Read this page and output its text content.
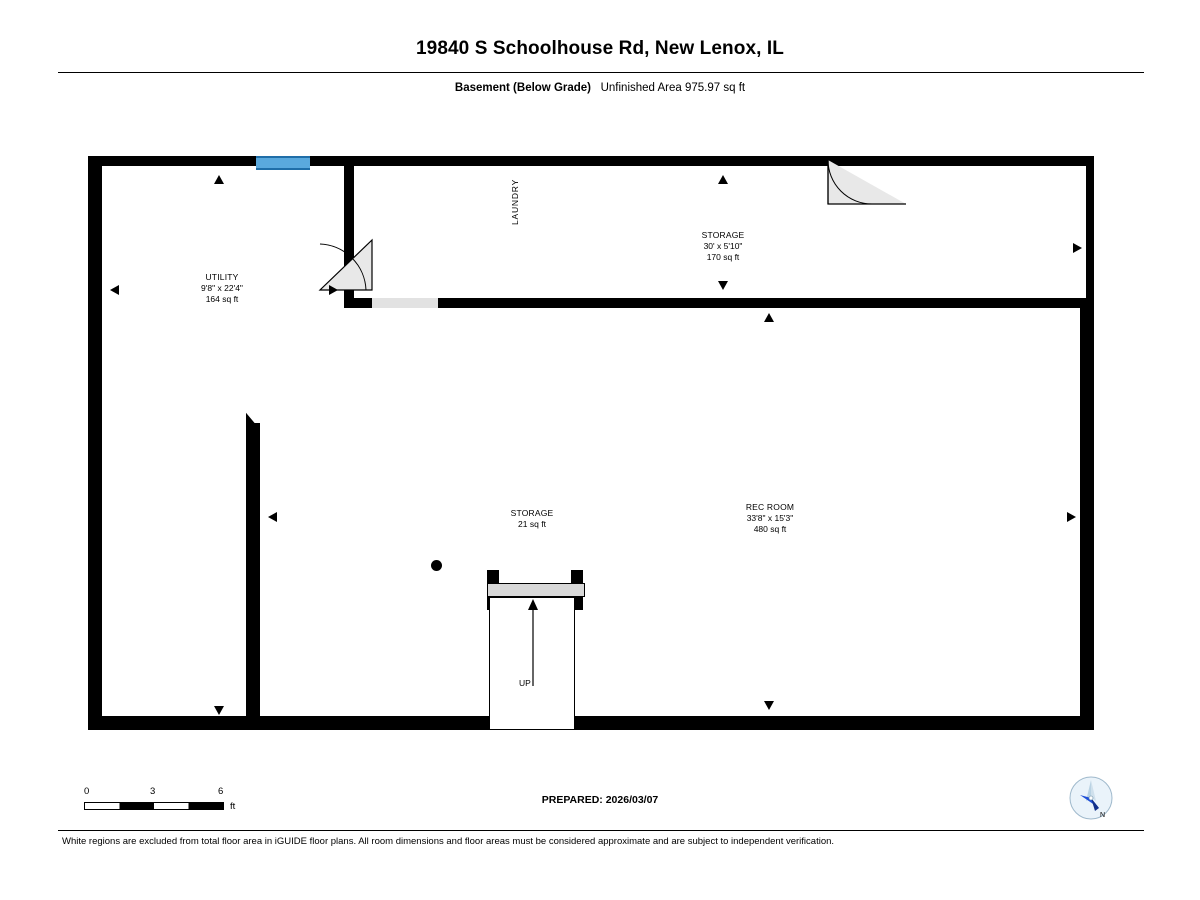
19840 S Schoolhouse Rd, New Lenox, IL
Basement (Below Grade) Unfinished Area 975.97 sq ft
UP
UTILITY
9'8" x 22'4"
164 sq ft
LAUNDRY
STORAGE
30' x 5'10"
170 sq ft
STORAGE
21 sq ft
REC ROOM
33'8" x 15'3"
480 sq ft
0	3	6
ft
PREPARED: 2026/03/07
N
White regions are excluded from total floor area in iGUIDE floor plans. All room dimensions and floor areas must be considered approximate and are subject to independent verification.
